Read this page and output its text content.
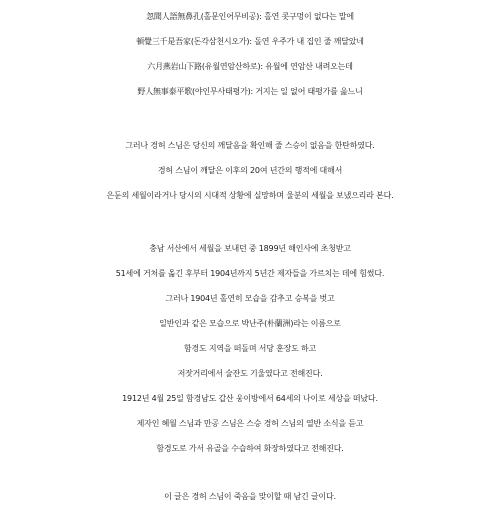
忽聞人語無鼻孔(홀문인어무비공): 홀연 콧구멍이 없다는 말에
頓覺三千是吾家(돈각삼천시오가): 돌연 우주가 내 집인 줄 깨달았네
六月燕岩山下路(유월연암산하로): 유월에 연암산 내려오는데
野人無事泰平歌(야인무사태평가): 거지는 일 없어 태평가를 읊느니
그러나 경허 스님은 당신의 깨달음을 확인해 줄 스승이 없음을 한탄하였다.
경허 스님이 깨달은 이후의 20여 년간의 행적에 대해서
은둔의 세월이라거나 당시의 시대적 상황에 실망하며 울분의 세월을 보냈으리라 본다.
충남 서산에서 세월을 보내던 중 1899년 해인사에 초청받고
51세에 거처를 옮긴 후부터 1904년까지 5년간 제자들을 가르치는 데에 힘썼다.
그러나 1904년 홀연히 모습을 감추고 승복을 벗고
일반인과 같은 모습으로 박난주(朴蘭洲)라는 이름으로
함경도 지역을 떠돌며 서당 훈장도 하고
저잣거리에서 술잔도 기울였다고 전해진다.
1912년 4월 25일 함경남도 갑산 웅이방에서 64세의 나이로 세상을 떠났다.
제자인 혜월 스님과 만공 스님은 스승 경허 스님의 열반 소식을 듣고
함경도로 가서 유골을 수습하여 화장하였다고 전해진다.
이 글은 경허 스님이 죽음을 맞이할 때 남긴 글이다.
